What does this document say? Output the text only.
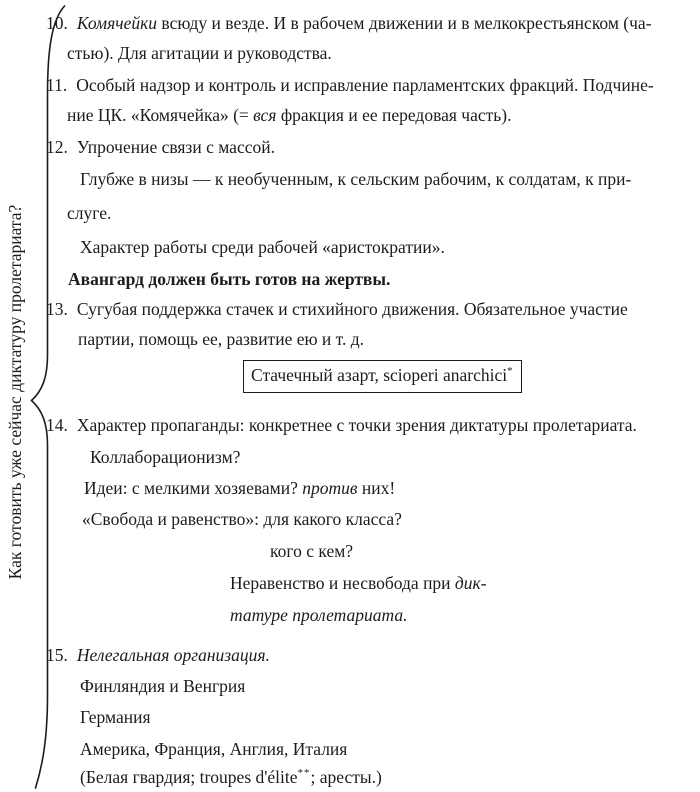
Как готовить уже сейчас диктатуру пролетариата?
10. Комячейки всюду и везде. И в рабочем движении и в мелкокрестьянском (ча-
стью). Для агитации и руководства.
11. Особый надзор и контроль и исправление парламентских фракций. Подчине-
ние ЦК. «Комячейка» (= вся фракция и ее передовая часть).
12. Упрочение связи с массой.
Глубже в низы — к необученным, к сельским рабочим, к солдатам, к при-
слуге.
Характер работы среди рабочей «аристократии».
Авангард должен быть готов на жертвы.
13. Сугубая поддержка стачек и стихийного движения. Обязательное участие
партии, помощь ее, развитие ею и т. д.
Стачечный азарт, scioperi anarchici*
14. Характер пропаганды: конкретнее с точки зрения диктатуры пролетариата.
Коллаборационизм?
Идеи: с мелкими хозяевами? против них!
«Свобода и равенство»: для какого класса?
кого с кем?
Неравенство и несвобода при дик-
татуре пролетариата.
15. Нелегальная организация.
Финляндия и Венгрия
Германия
Америка, Франция, Англия, Италия
(Белая гвардия; troupes d'élite**; аресты.)
